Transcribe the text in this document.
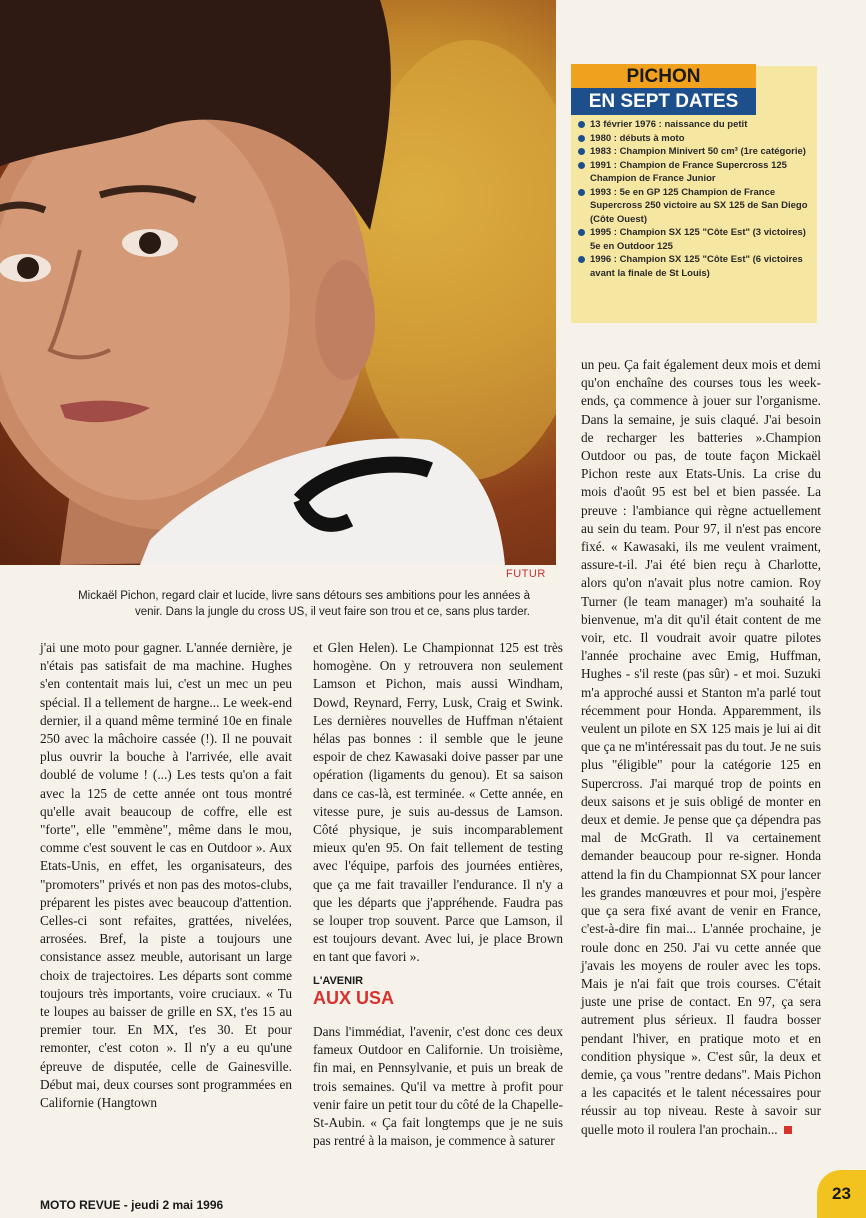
FUTUR
Mickaël Pichon, regard clair et lucide, livre sans détours ses ambitions pour les années à venir. Dans la jungle du cross US, il veut faire son trou et ce, sans plus tarder.
PICHON
EN SEPT DATES
13 février 1976 : naissance du petit
1980 : débuts à moto
1983 : Champion Minivert 50 cm³ (1re catégorie)
1991 : Champion de France Supercross 125 Champion de France Junior
1993 : 5e en GP 125 Champion de France Supercross 250 victoire au SX 125 de San Diego (Côte Ouest)
1995 : Champion SX 125 "Côte Est" (3 victoires) 5e en Outdoor 125
1996 : Champion SX 125 "Côte Est" (6 victoires avant la finale de St Louis)

j'ai une moto pour gagner. L'année dernière, je n'étais pas satisfait de ma machine. Hughes s'en contentait mais lui, c'est un mec un peu spécial. Il a tellement de hargne... Le week-end dernier, il a quand même terminé 10e en finale 250 avec la mâchoire cassée (!). Il ne pouvait plus ouvrir la bouche à l'arrivée, elle avait doublé de volume ! (...) Les tests qu'on a fait avec la 125 de cette année ont tous montré qu'elle avait beaucoup de coffre, elle est "forte", elle "emmène", même dans le mou, comme c'est souvent le cas en Outdoor ». Aux Etats-Unis, en effet, les organisateurs, des "promoters" privés et non pas des motos-clubs, préparent les pistes avec beaucoup d'attention. Celles-ci sont refaites, grattées, nivelées, arrosées. Bref, la piste a toujours une consistance assez meuble, autorisant un large choix de trajectoires. Les départs sont comme toujours très importants, voire cruciaux. « Tu te loupes au baisser de grille en SX, t'es 15 au premier tour. En MX, t'es 30. Et pour remonter, c'est coton ». Il n'y a eu qu'une épreuve de disputée, celle de Gainesville. Début mai, deux courses sont programmées en Californie (Hangtown

et Glen Helen). Le Championnat 125 est très homogène. On y retrouvera non seulement Lamson et Pichon, mais aussi Windham, Dowd, Reynard, Ferry, Lusk, Craig et Swink. Les dernières nouvelles de Huffman n'étaient hélas pas bonnes : il semble que le jeune espoir de chez Kawasaki doive passer par une opération (ligaments du genou). Et sa saison dans ce cas-là, est terminée. « Cette année, en vitesse pure, je suis au-dessus de Lamson. Côté physique, je suis incomparablement mieux qu'en 95. On fait tellement de testing avec l'équipe, parfois des journées entières, que ça me fait travailler l'endurance. Il n'y a que les départs que j'appréhende. Faudra pas se louper trop souvent. Parce que Lamson, il est toujours devant. Avec lui, je place Brown en tant que favori ».

L'AVENIR
AUX USA

Dans l'immédiat, l'avenir, c'est donc ces deux fameux Outdoor en Californie. Un troisième, fin mai, en Pennsylvanie, et puis un break de trois semaines. Qu'il va mettre à profit pour venir faire un petit tour du côté de la Chapelle-St-Aubin. « Ça fait longtemps que je ne suis pas rentré à la maison, je commence à saturer

un peu. Ça fait également deux mois et demi qu'on enchaîne des courses tous les week-ends, ça commence à jouer sur l'organisme. Dans la semaine, je suis claqué. J'ai besoin de recharger les batteries ».Champion Outdoor ou pas, de toute façon Mickaël Pichon reste aux Etats-Unis. La crise du mois d'août 95 est bel et bien passée. La preuve : l'ambiance qui règne actuellement au sein du team. Pour 97, il n'est pas encore fixé. « Kawasaki, ils me veulent vraiment, assure-t-il. J'ai été bien reçu à Charlotte, alors qu'on n'avait plus notre camion. Roy Turner (le team manager) m'a souhaité la bienvenue, m'a dit qu'il était content de me voir, etc. Il voudrait avoir quatre pilotes l'année prochaine avec Emig, Huffman, Hughes - s'il reste (pas sûr) - et moi. Suzuki m'a approché aussi et Stanton m'a parlé tout récemment pour Honda. Apparemment, ils veulent un pilote en SX 125 mais je lui ai dit que ça ne m'intéressait pas du tout. Je ne suis plus "éligible" pour la catégorie 125 en Supercross. J'ai marqué trop de points en deux saisons et je suis obligé de monter en deux et demie. Je pense que ça dépendra pas mal de McGrath. Il va certainement demander beaucoup pour re-signer. Honda attend la fin du Championnat SX pour lancer les grandes manœuvres et pour moi, j'espère que ça sera fixé avant de venir en France, c'est-à-dire fin mai... L'année prochaine, je roule donc en 250. J'ai vu cette année que j'avais les moyens de rouler avec les tops. Mais je n'ai fait que trois courses. C'était juste une prise de contact. En 97, ça sera autrement plus sérieux. Il faudra bosser pendant l'hiver, en pratique moto et en condition physique ». C'est sûr, la deux et demie, ça vous "rentre dedans". Mais Pichon a les capacités et le talent nécessaires pour réussir au top niveau. Reste à savoir sur quelle moto il roulera l'an prochain...

MOTO REVUE - jeudi 2 mai 1996
23
